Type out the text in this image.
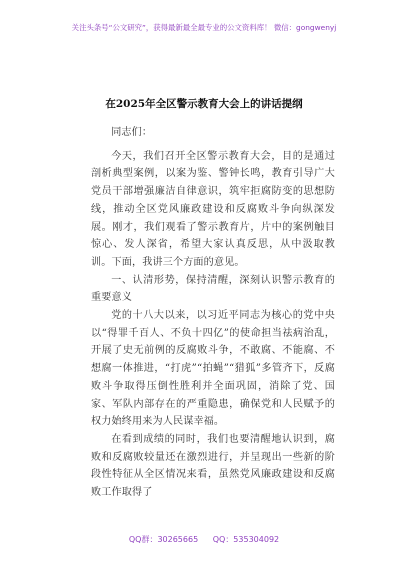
关注头条号“公文研究”，获得最新最全最专业的公文资料库！ 微信：gongwenyj
在2025年全区警示教育大会上的讲话提纲

同志们：

今天，我们召开全区警示教育大会，目的是通过剖析典型案例，以案为鉴、警钟长鸣，教育引导广大党员干部增强廉洁自律意识，筑牢拒腐防变的思想防线，推动全区党风廉政建设和反腐败斗争向纵深发展。刚才，我们观看了警示教育片，片中的案例触目惊心、发人深省，希望大家认真反思，从中汲取教训。下面，我讲三个方面的意见。

一、认清形势，保持清醒，深刻认识警示教育的重要意义

党的十八大以来，以习近平同志为核心的党中央以“得罪千百人、不负十四亿”的使命担当祛病治乱，开展了史无前例的反腐败斗争，不敢腐、不能腐、不想腐一体推进，“打虎”“拍蝇”“猎狐”多管齐下，反腐败斗争取得压倒性胜利并全面巩固，消除了党、国家、军队内部存在的严重隐患，确保党和人民赋予的权力始终用来为人民谋幸福。

在看到成绩的同时，我们也要清醒地认识到，腐败和反腐败较量还在激烈进行，并呈现出一些新的阶段性特征从全区情况来看，虽然党风廉政建设和反腐败工作取得了

QQ群：30265665 QQ：535304092
